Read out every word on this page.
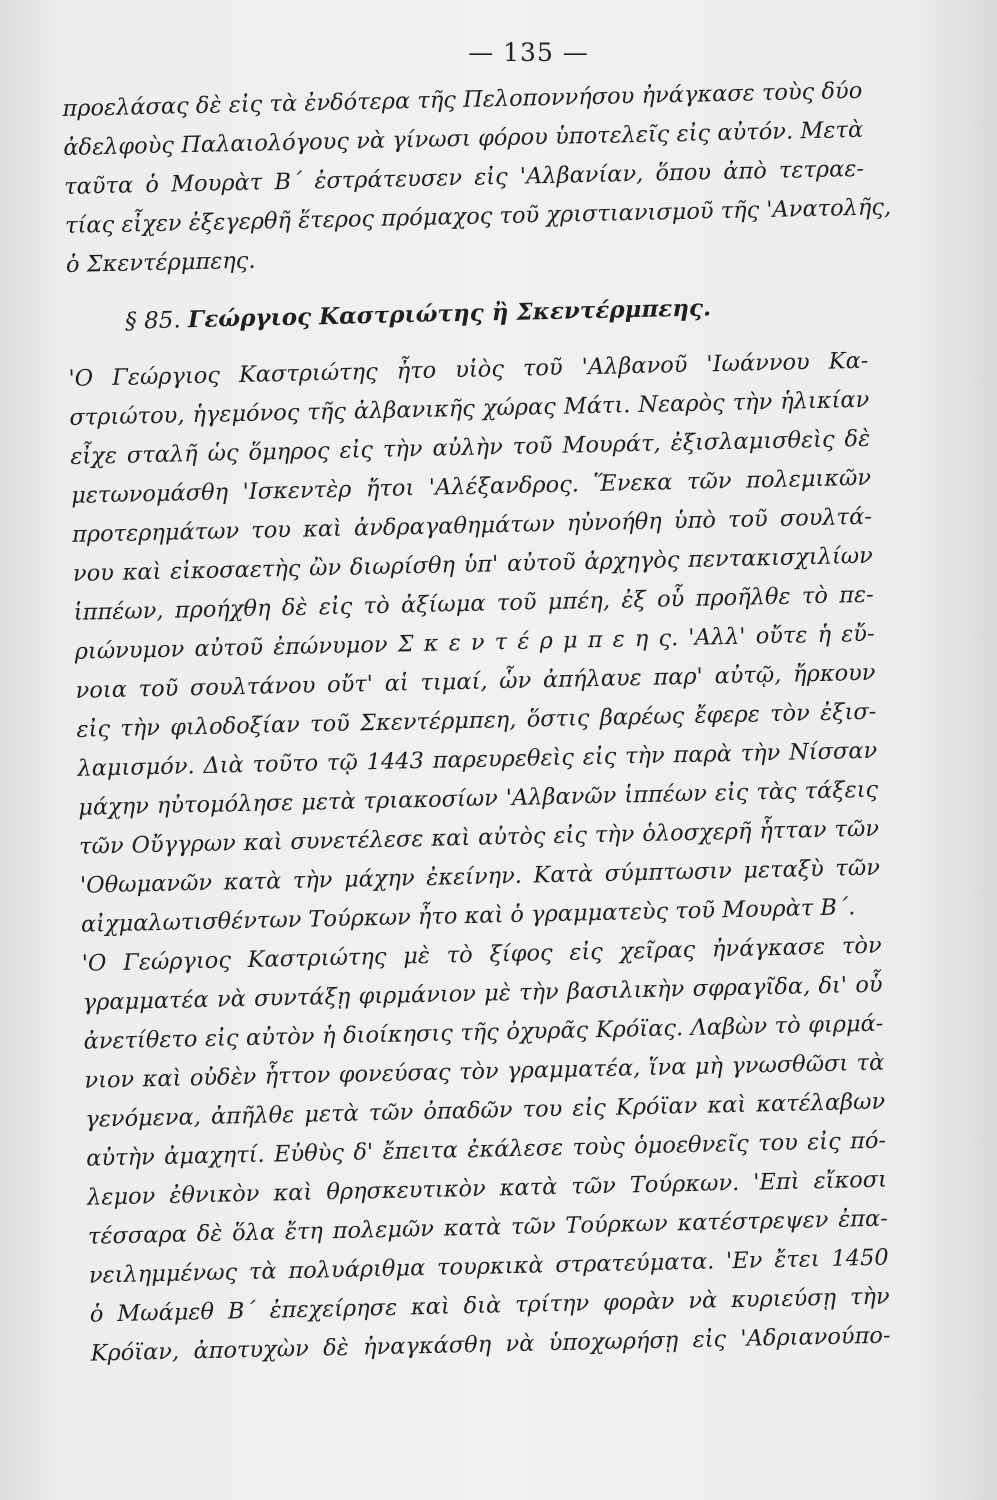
— 135 —
προελάσας δὲ εἰς τὰ ἐνδότερα τῆς Πελοποννήσου ἠνάγκασε τοὺς δύο
ἀδελφοὺς Παλαιολόγους νὰ γίνωσι φόρου ὑποτελεῖς εἰς αὐτόν. Μετὰ
ταῦτα ὁ Μουρὰτ Β΄ ἐστράτευσεν εἰς 'Αλβανίαν, ὅπου ἀπὸ τετραε-
τίας εἶχεν ἐξεγερθῆ ἕτερος πρόμαχος τοῦ χριστιανισμοῦ τῆς 'Ανατολῆς,
ὁ Σκεντέρμπεης.
§ 85. Γεώργιος Καστριώτης ἢ Σκεντέρμπεης.
'Ο Γεώργιος Καστριώτης ἦτο υἱὸς τοῦ 'Αλβανοῦ 'Ιωάννου Κα-
στριώτου, ἡγεμόνος τῆς ἀλβανικῆς χώρας Μάτι. Νεαρὸς τὴν ἡλικίαν
εἶχε σταλῆ ὡς ὅμηρος εἰς τὴν αὐλὴν τοῦ Μουράτ, ἐξισλαμισθεὶς δὲ
μετωνομάσθη 'Ισκεντὲρ ἤτοι 'Αλέξανδρος. Ἕνεκα τῶν πολεμικῶν
προτερημάτων του καὶ ἀνδραγαθημάτων ηὐνοήθη ὑπὸ τοῦ σουλτά-
νου καὶ εἰκοσαετὴς ὢν διωρίσθη ὑπ' αὐτοῦ ἀρχηγὸς πεντακισχιλίων
ἱππέων, προήχθη δὲ εἰς τὸ ἀξίωμα τοῦ μπέη, ἐξ οὗ προῆλθε τὸ πε-
ριώνυμον αὐτοῦ ἐπώνυμον Σ κ ε ν τ έ ρ μ π ε η ς. 'Αλλ' οὔτε ἡ εὔ-
νοια τοῦ σουλτάνου οὔτ' αἱ τιμαί, ὧν ἀπήλαυε παρ' αὐτῷ, ἤρκουν
εἰς τὴν φιλοδοξίαν τοῦ Σκεντέρμπεη, ὅστις βαρέως ἔφερε τὸν ἐξισ-
λαμισμόν. Διὰ τοῦτο τῷ 1443 παρευρεθεὶς εἰς τὴν παρὰ τὴν Νίσσαν
μάχην ηὐτομόλησε μετὰ τριακοσίων 'Αλβανῶν ἱππέων εἰς τὰς τάξεις
τῶν Οὔγγρων καὶ συνετέλεσε καὶ αὐτὸς εἰς τὴν ὁλοσχερῆ ἧτταν τῶν
'Οθωμανῶν κατὰ τὴν μάχην ἐκείνην. Κατὰ σύμπτωσιν μεταξὺ τῶν
αἰχμαλωτισθέντων Τούρκων ἦτο καὶ ὁ γραμματεὺς τοῦ Μουρὰτ Β΄.
'Ο Γεώργιος Καστριώτης μὲ τὸ ξίφος εἰς χεῖρας ἠνάγκασε τὸν
γραμματέα νὰ συντάξῃ φιρμάνιον μὲ τὴν βασιλικὴν σφραγῖδα, δι' οὗ
ἀνετίθετο εἰς αὐτὸν ἡ διοίκησις τῆς ὀχυρᾶς Κρόϊας. Λαβὼν τὸ φιρμά-
νιον καὶ οὐδὲν ἧττον φονεύσας τὸν γραμματέα, ἵνα μὴ γνωσθῶσι τὰ
γενόμενα, ἀπῆλθε μετὰ τῶν ὀπαδῶν του εἰς Κρόϊαν καὶ κατέλαβων
αὐτὴν ἀμαχητί. Εὐθὺς δ' ἔπειτα ἐκάλεσε τοὺς ὁμοεθνεῖς του εἰς πό-
λεμον ἐθνικὸν καὶ θρησκευτικὸν κατὰ τῶν Τούρκων. 'Επὶ εἴκοσι
τέσσαρα δὲ ὅλα ἔτη πολεμῶν κατὰ τῶν Τούρκων κατέστρεψεν ἐπα-
νειλημμένως τὰ πολυάριθμα τουρκικὰ στρατεύματα. 'Εν ἔτει 1450
ὁ Μωάμεθ Β΄ ἐπεχείρησε καὶ διὰ τρίτην φορὰν νὰ κυριεύσῃ τὴν
Κρόϊαν, ἀποτυχὼν δὲ ἠναγκάσθη νὰ ὑποχωρήσῃ εἰς 'Αδριανούπο-
